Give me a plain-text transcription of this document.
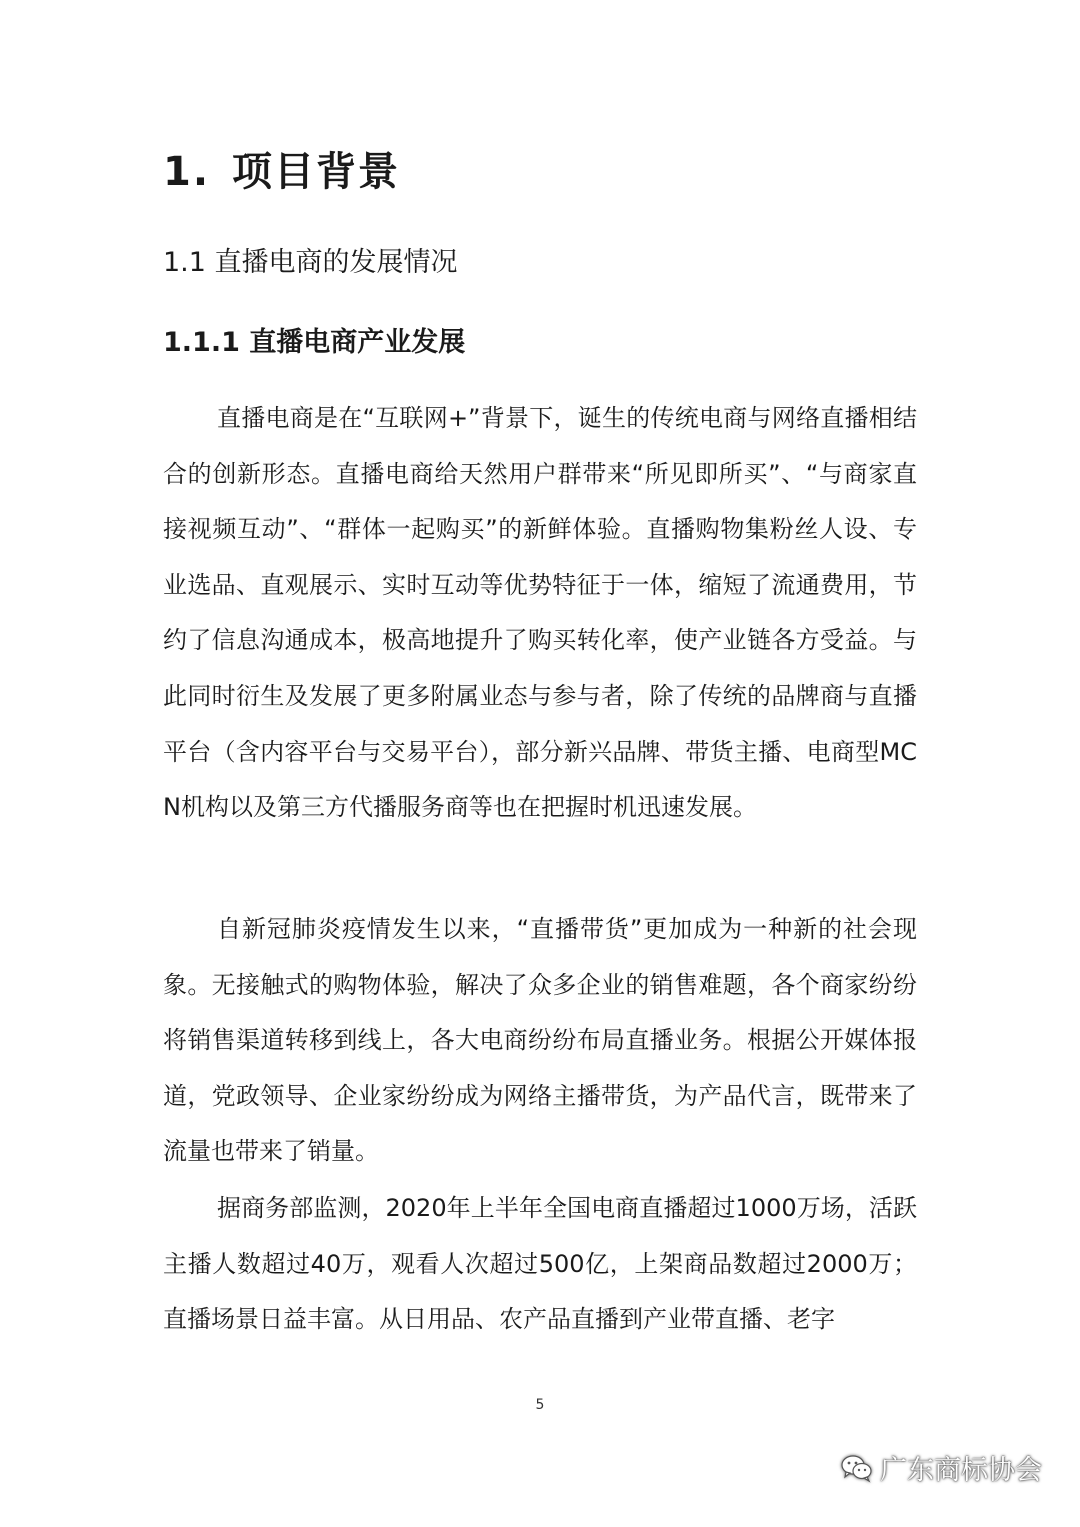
1. 项目背景
1.1 直播电商的发展情况
1.1.1 直播电商产业发展

直播电商是在“互联网+”背景下，诞生的传统电商与网络直播相结合的创新形态。直播电商给天然用户群带来“所见即所买”、“与商家直接视频互动”、“群体一起购买”的新鲜体验。直播购物集粉丝人设、专业选品、直观展示、实时互动等优势特征于一体，缩短了流通费用，节约了信息沟通成本，极高地提升了购买转化率，使产业链各方受益。与此同时衍生及发展了更多附属业态与参与者，除了传统的品牌商与直播平台（含内容平台与交易平台），部分新兴品牌、带货主播、电商型MCN机构以及第三方代播服务商等也在把握时机迅速发展。

自新冠肺炎疫情发生以来，“直播带货”更加成为一种新的社会现象。无接触式的购物体验，解决了众多企业的销售难题，各个商家纷纷将销售渠道转移到线上，各大电商纷纷布局直播业务。根据公开媒体报道，党政领导、企业家纷纷成为网络主播带货，为产品代言，既带来了流量也带来了销量。

据商务部监测，2020年上半年全国电商直播超过1000万场，活跃主播人数超过40万，观看人次超过500亿，上架商品数超过2000万；直播场景日益丰富。从日用品、农产品直播到产业带直播、老字

5
广东商标协会
